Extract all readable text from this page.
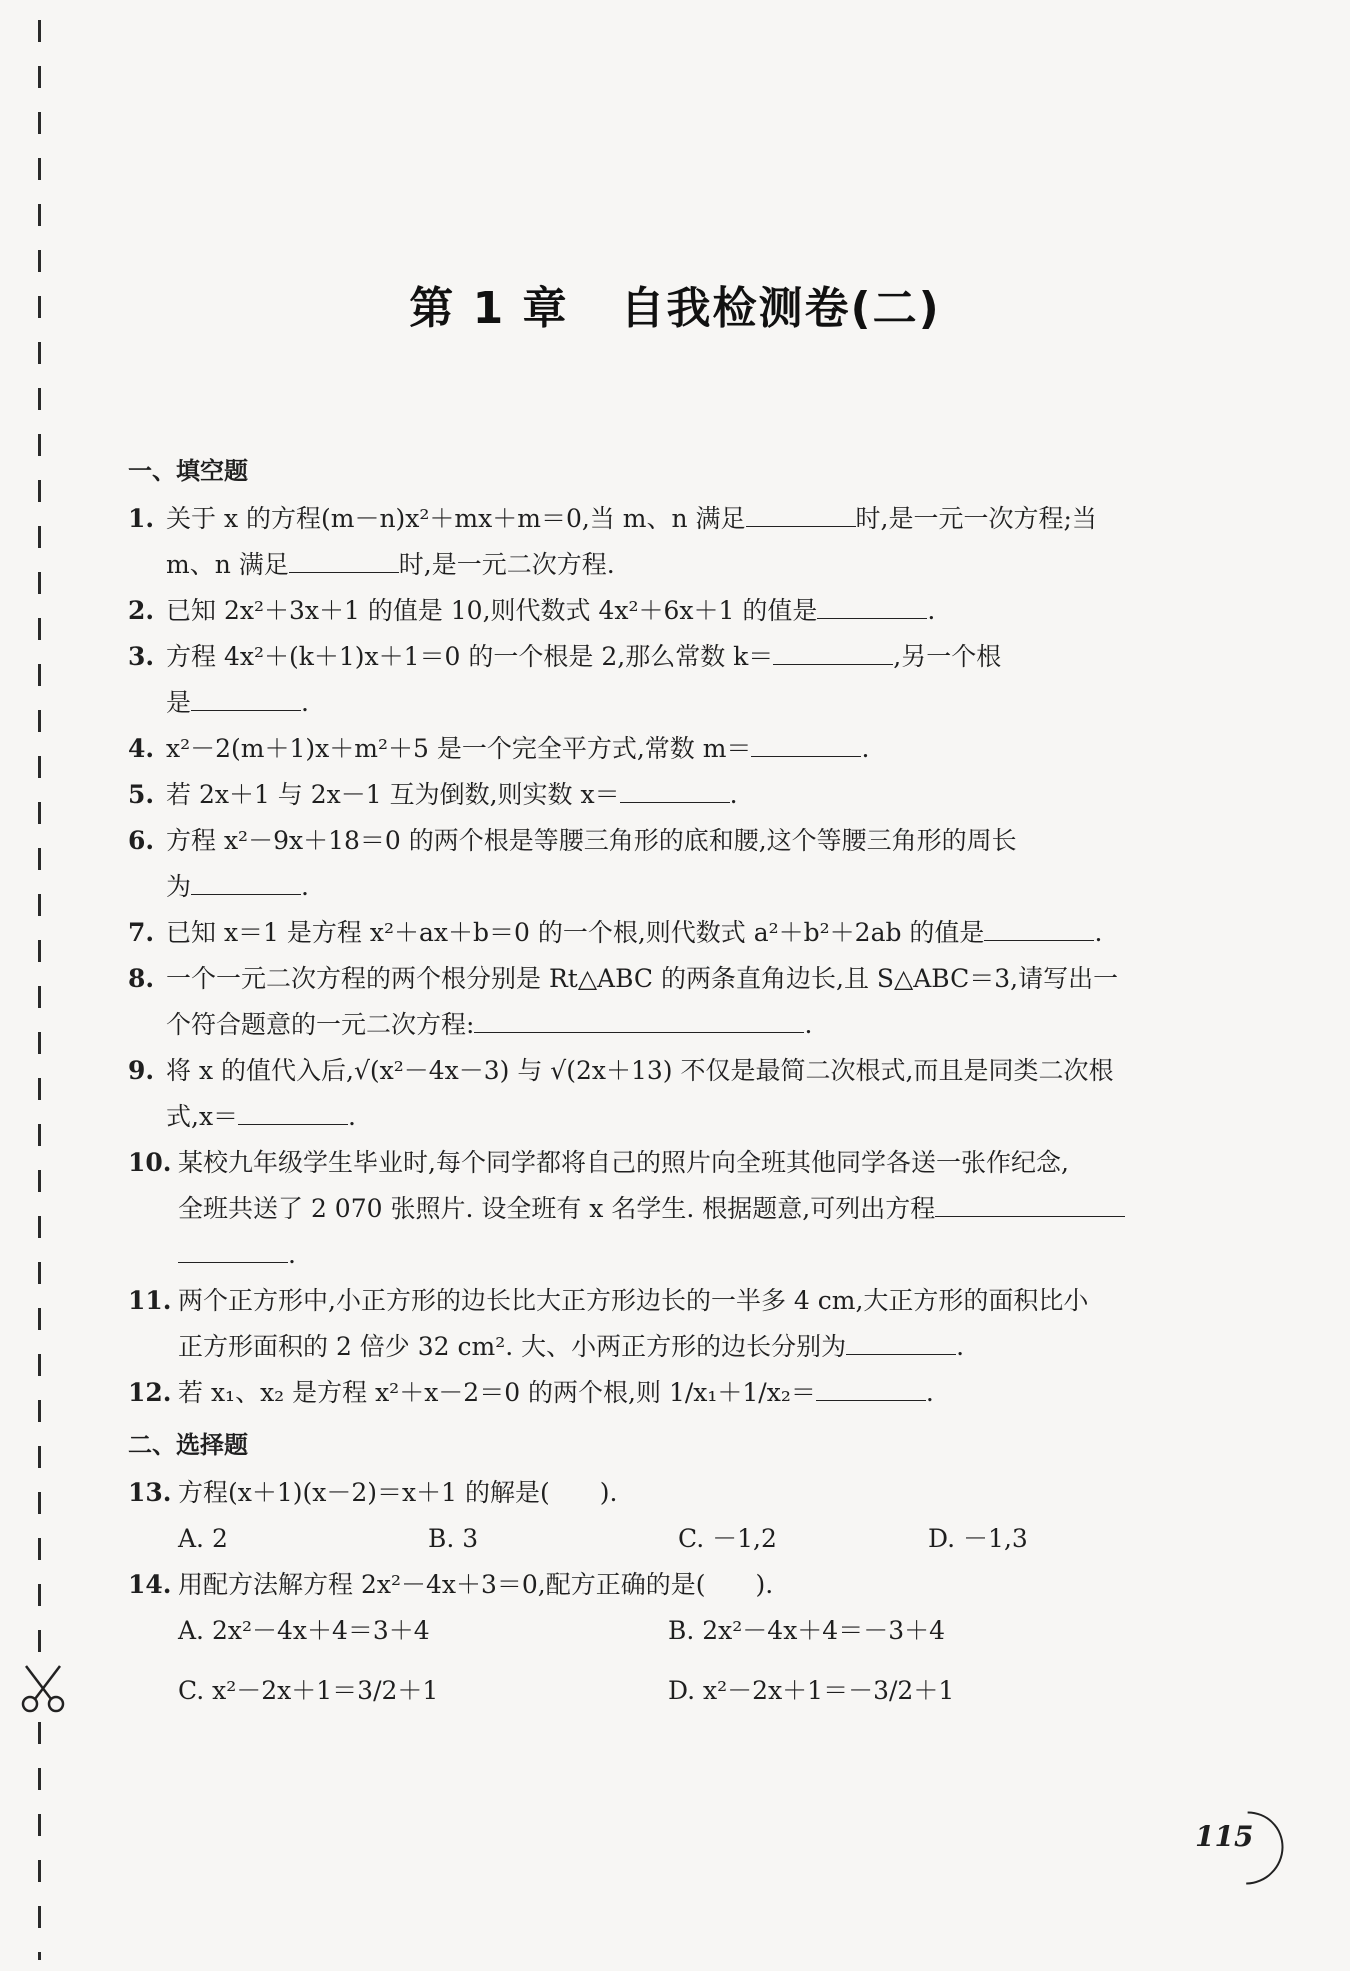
第 1 章 自我检测卷(二)
一、填空题
1. 关于 x 的方程(m－n)x²＋mx＋m＝0,当 m、n 满足	时,是一元一次方程;当
m、n 满足	时,是一元二次方程.
2. 已知 2x²＋3x＋1 的值是 10,则代数式 4x²＋6x＋1 的值是	.
3. 方程 4x²＋(k＋1)x＋1＝0 的一个根是 2,那么常数 k＝	,另一个根
是	.
4. x²－2(m＋1)x＋m²＋5 是一个完全平方式,常数 m＝	.
5. 若 2x＋1 与 2x－1 互为倒数,则实数 x＝	.
6. 方程 x²－9x＋18＝0 的两个根是等腰三角形的底和腰,这个等腰三角形的周长
为	.
7. 已知 x＝1 是方程 x²＋ax＋b＝0 的一个根,则代数式 a²＋b²＋2ab 的值是	.
8. 一个一元二次方程的两个根分别是 Rt△ABC 的两条直角边长,且 S△ABC＝3,请写出一
个符合题意的一元二次方程:	.
9. 将 x 的值代入后,√(x²－4x－3) 与 √(2x＋13) 不仅是最简二次根式,而且是同类二次根
式,x＝	.
10. 某校九年级学生毕业时,每个同学都将自己的照片向全班其他同学各送一张作纪念,
全班共送了 2 070 张照片. 设全班有 x 名学生. 根据题意,可列出方程
.
11. 两个正方形中,小正方形的边长比大正方形边长的一半多 4 cm,大正方形的面积比小
正方形面积的 2 倍少 32 cm². 大、小两正方形的边长分别为	.
12. 若 x₁、x₂ 是方程 x²＋x－2＝0 的两个根,则 1/x₁＋1/x₂＝	.
二、选择题
13. 方程(x＋1)(x－2)＝x＋1 的解是(　　).
A. 2	B. 3	C. －1,2	D. －1,3
14. 用配方法解方程 2x²－4x＋3＝0,配方正确的是(　　).
A. 2x²－4x＋4＝3＋4	B. 2x²－4x＋4＝－3＋4
C. x²－2x＋1＝3/2＋1	D. x²－2x＋1＝－3/2＋1
115
